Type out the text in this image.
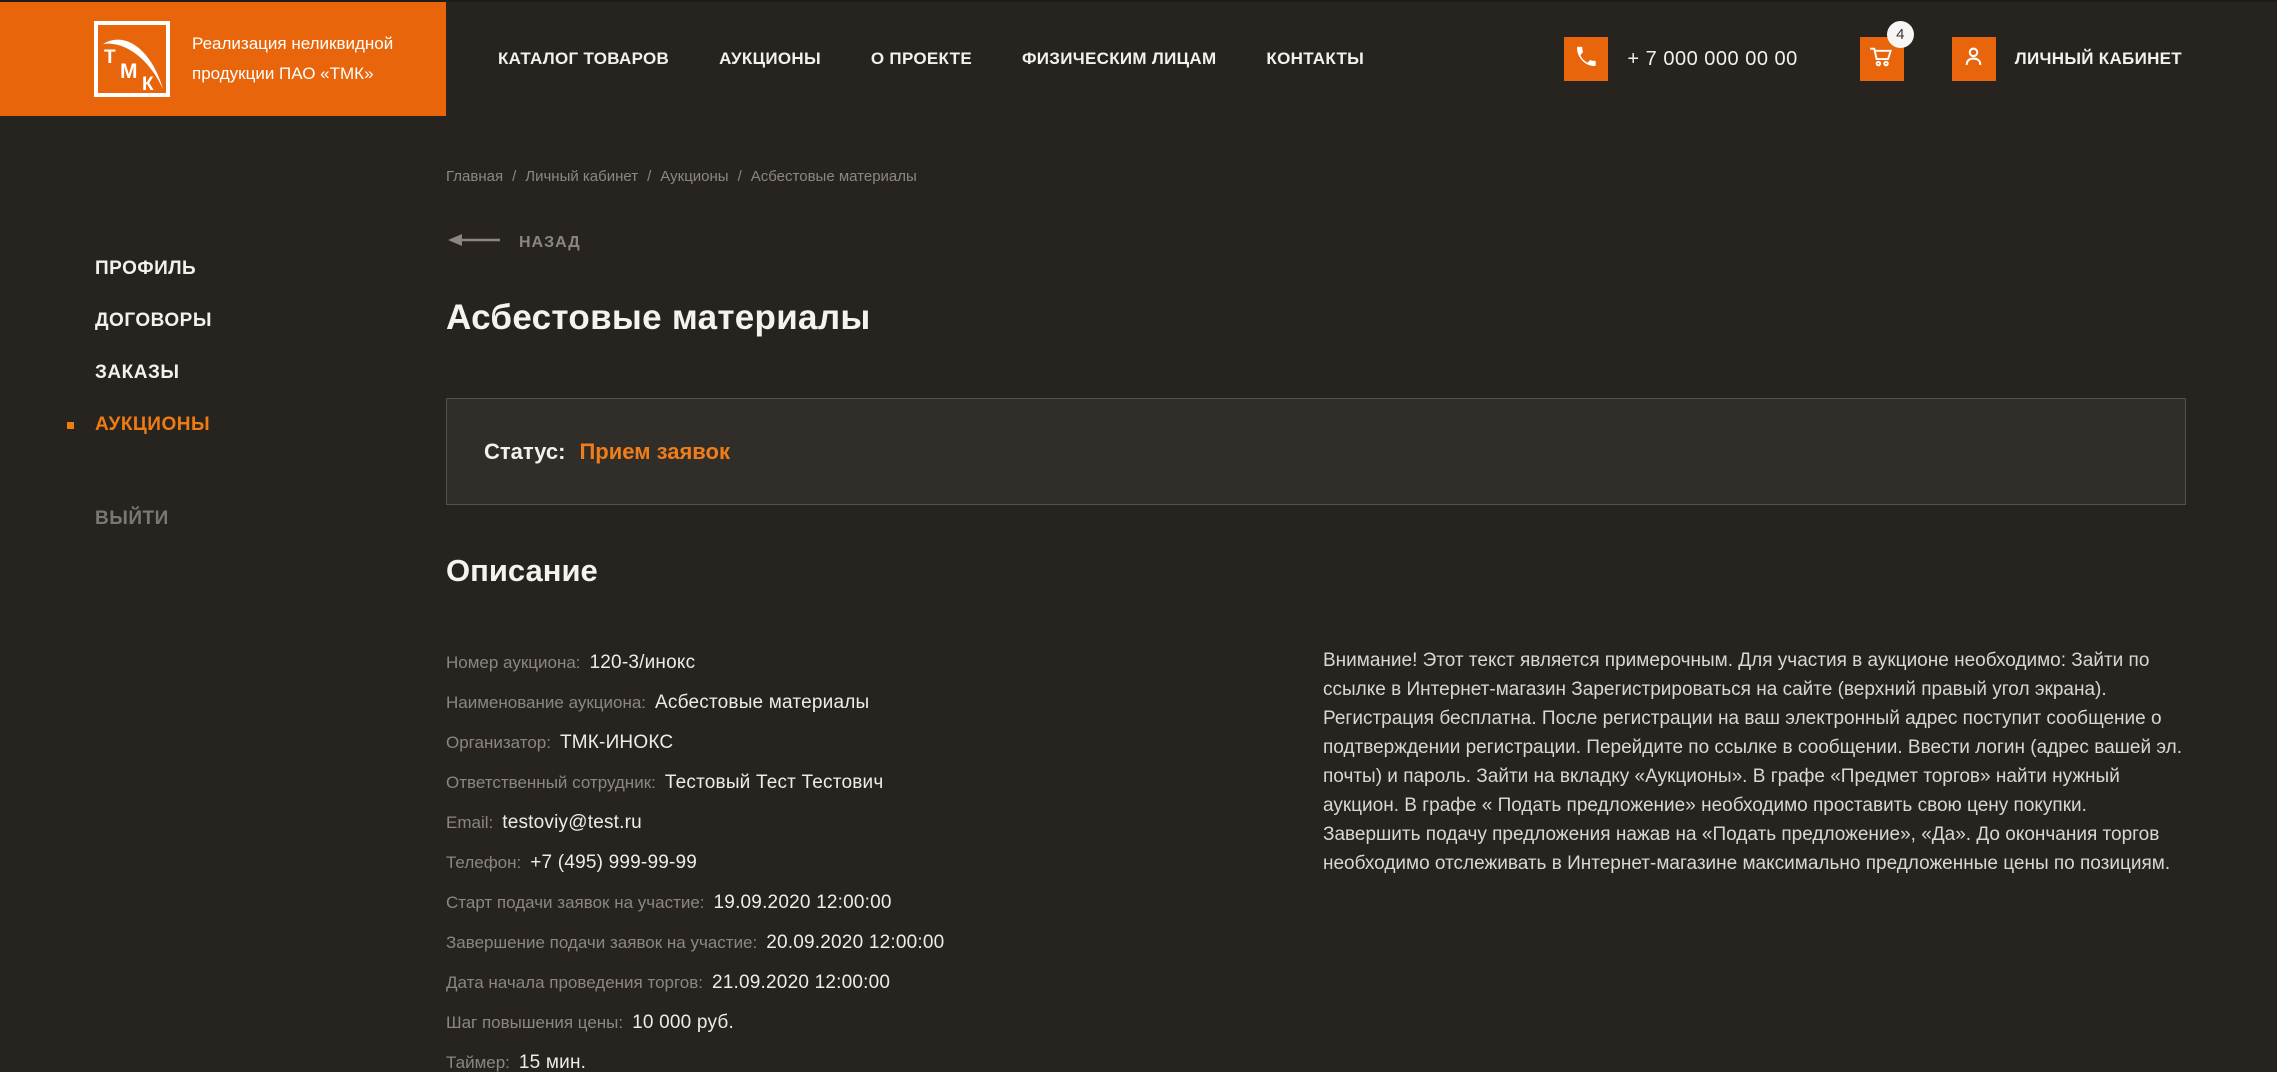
Т
М
К
Реализация неликвидной
продукции ПАО «ТМК»
КАТАЛОГ ТОВАРОВ	АУКЦИОНЫ	О ПРОЕКТЕ	ФИЗИЧЕСКИМ ЛИЦАМ	КОНТАКТЫ	+ 7 000 000 00 00
4
ЛИЧНЫЙ КАБИНЕТ
ПРОФИЛЬ
ДОГОВОРЫ
ЗАКАЗЫ
АУКЦИОНЫ
ВЫЙТИ
Главная / Личный кабинет / Аукционы / Асбестовые материалы
НАЗАД
Асбестовые материалы
Статус: Прием заявок
Описание
Номер аукциона: 120-3/инокс
Наименование аукциона: Асбестовые материалы
Организатор: ТМК-ИНОКС
Ответственный сотрудник: Тестовый Тест Тестович
Email: testoviy@test.ru
Телефон: +7 (495) 999-99-99
Старт подачи заявок на участие: 19.09.2020 12:00:00
Завершение подачи заявок на участие: 20.09.2020 12:00:00
Дата начала проведения торгов: 21.09.2020 12:00:00
Шаг повышения цены: 10 000 руб.
Таймер: 15 мин.
Внимание! Этот текст является примерочным. Для участия в аукционе необходимо: Зайти по ссылке в Интернет-магазин Зарегистрироваться на сайте (верхний правый угол экрана). Регистрация бесплатна. После регистрации на ваш электронный адрес поступит сообщение о подтверждении регистрации. Перейдите по ссылке в сообщении. Ввести логин (адрес вашей эл. почты) и пароль. Зайти на вкладку «Аукционы». В графе «Предмет торгов» найти нужный аукцион. В графе « Подать предложение» необходимо проставить свою цену покупки. Завершить подачу предложения нажав на «Подать предложение», «Да». До окончания торгов необходимо отслеживать в Интернет-магазине максимально предложенные цены по позициям.
